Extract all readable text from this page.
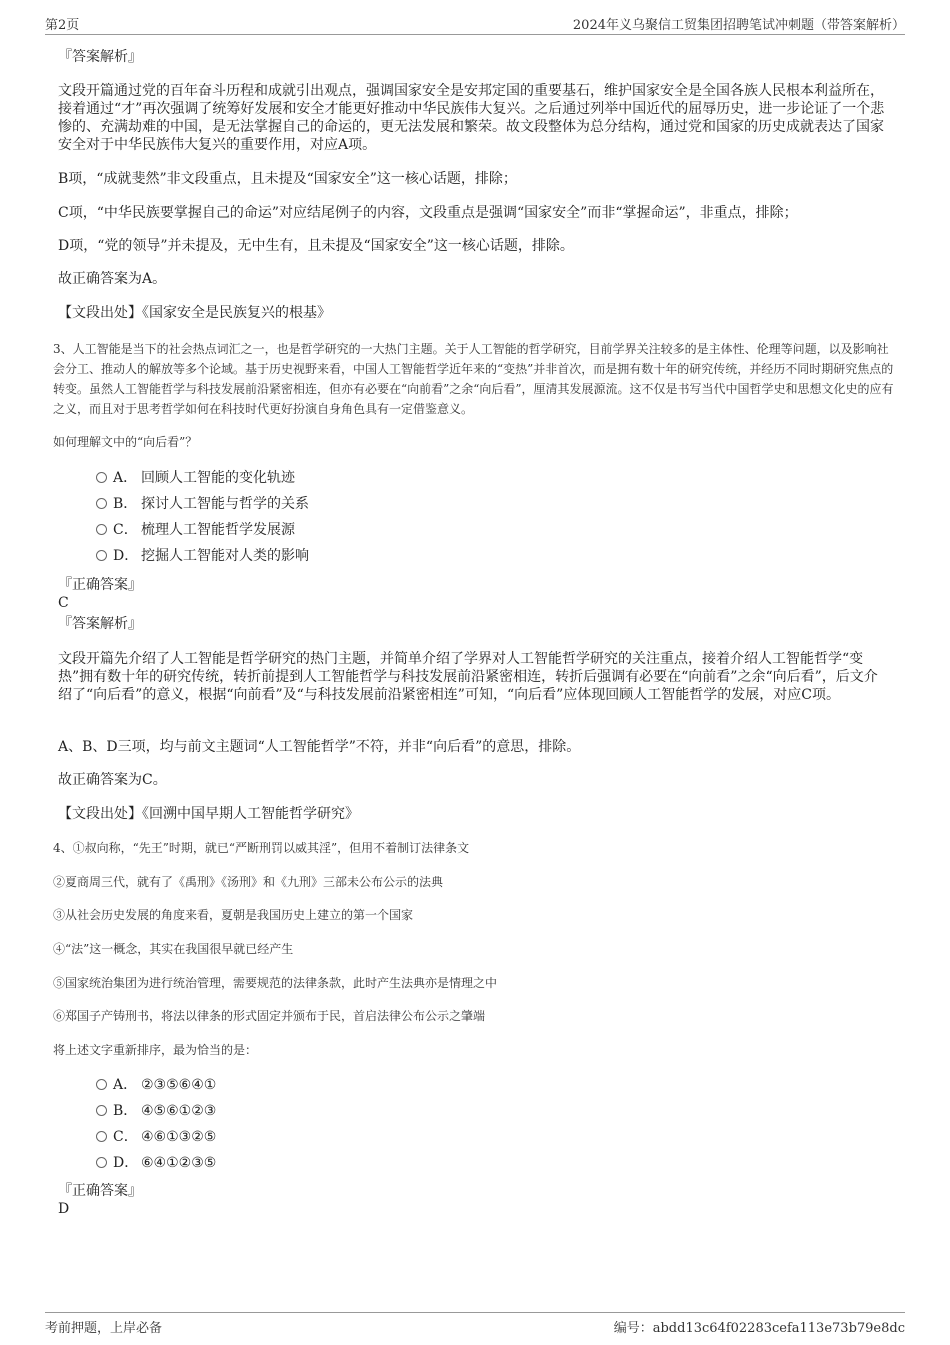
第2页	2024年义乌聚信工贸集团招聘笔试冲刺题（带答案解析）
『答案解析』
文段开篇通过党的百年奋斗历程和成就引出观点，强调国家安全是安邦定国的重要基石，维护国家安全是全国各族人民根本利益所在，接着通过“才”再次强调了统筹好发展和安全才能更好推动中华民族伟大复兴。之后通过列举中国近代的屈辱历史，进一步论证了一个悲惨的、充满劫难的中国，是无法掌握自己的命运的，更无法发展和繁荣。故文段整体为总分结构，通过党和国家的历史成就表达了国家安全对于中华民族伟大复兴的重要作用，对应A项。
B项，“成就斐然”非文段重点，且未提及“国家安全”这一核心话题，排除；
C项，“中华民族要掌握自己的命运”对应结尾例子的内容，文段重点是强调“国家安全”而非“掌握命运”，非重点，排除；
D项，“党的领导”并未提及，无中生有，且未提及“国家安全”这一核心话题，排除。
故正确答案为A。
【文段出处】《国家安全是民族复兴的根基》
3、人工智能是当下的社会热点词汇之一，也是哲学研究的一大热门主题。关于人工智能的哲学研究，目前学界关注较多的是主体性、伦理等问题，以及影响社会分工、推动人的解放等多个论域。基于历史视野来看，中国人工智能哲学近年来的“变热”并非首次，而是拥有数十年的研究传统，并经历不同时期研究焦点的转变。虽然人工智能哲学与科技发展前沿紧密相连，但亦有必要在“向前看”之余“向后看”，厘清其发展源流。这不仅是书写当代中国哲学史和思想文化史的应有之义，而且对于思考哲学如何在科技时代更好扮演自身角色具有一定借鉴意义。
如何理解文中的“向后看”？
A． 回顾人工智能的变化轨迹
B． 探讨人工智能与哲学的关系
C． 梳理人工智能哲学发展源
D． 挖掘人工智能对人类的影响
『正确答案』
C
『答案解析』
文段开篇先介绍了人工智能是哲学研究的热门主题，并简单介绍了学界对人工智能哲学研究的关注重点，接着介绍人工智能哲学“变热”拥有数十年的研究传统，转折前提到人工智能哲学与科技发展前沿紧密相连，转折后强调有必要在“向前看”之余“向后看”，后文介绍了“向后看”的意义，根据“向前看”及“与科技发展前沿紧密相连”可知，“向后看”应体现回顾人工智能哲学的发展，对应C项。
A、B、D三项，均与前文主题词“人工智能哲学”不符，并非“向后看”的意思，排除。
故正确答案为C。
【文段出处】《回溯中国早期人工智能哲学研究》
4、①叔向称，“先王”时期，就已“严断刑罚以威其淫”，但用不着制订法律条文
②夏商周三代，就有了《禹刑》《汤刑》和《九刑》三部未公布公示的法典
③从社会历史发展的角度来看，夏朝是我国历史上建立的第一个国家
④“法”这一概念，其实在我国很早就已经产生
⑤国家统治集团为进行统治管理，需要规范的法律条款，此时产生法典亦是情理之中
⑥郑国子产铸刑书，将法以律条的形式固定并颁布于民，首启法律公布公示之肇端
将上述文字重新排序，最为恰当的是：
A． ②③⑤⑥④①
B． ④⑤⑥①②③
C． ④⑥①③②⑤
D． ⑥④①②③⑤
『正确答案』
D
考前押题，上岸必备	编号：abdd13c64f02283cefa113e73b79e8dc
